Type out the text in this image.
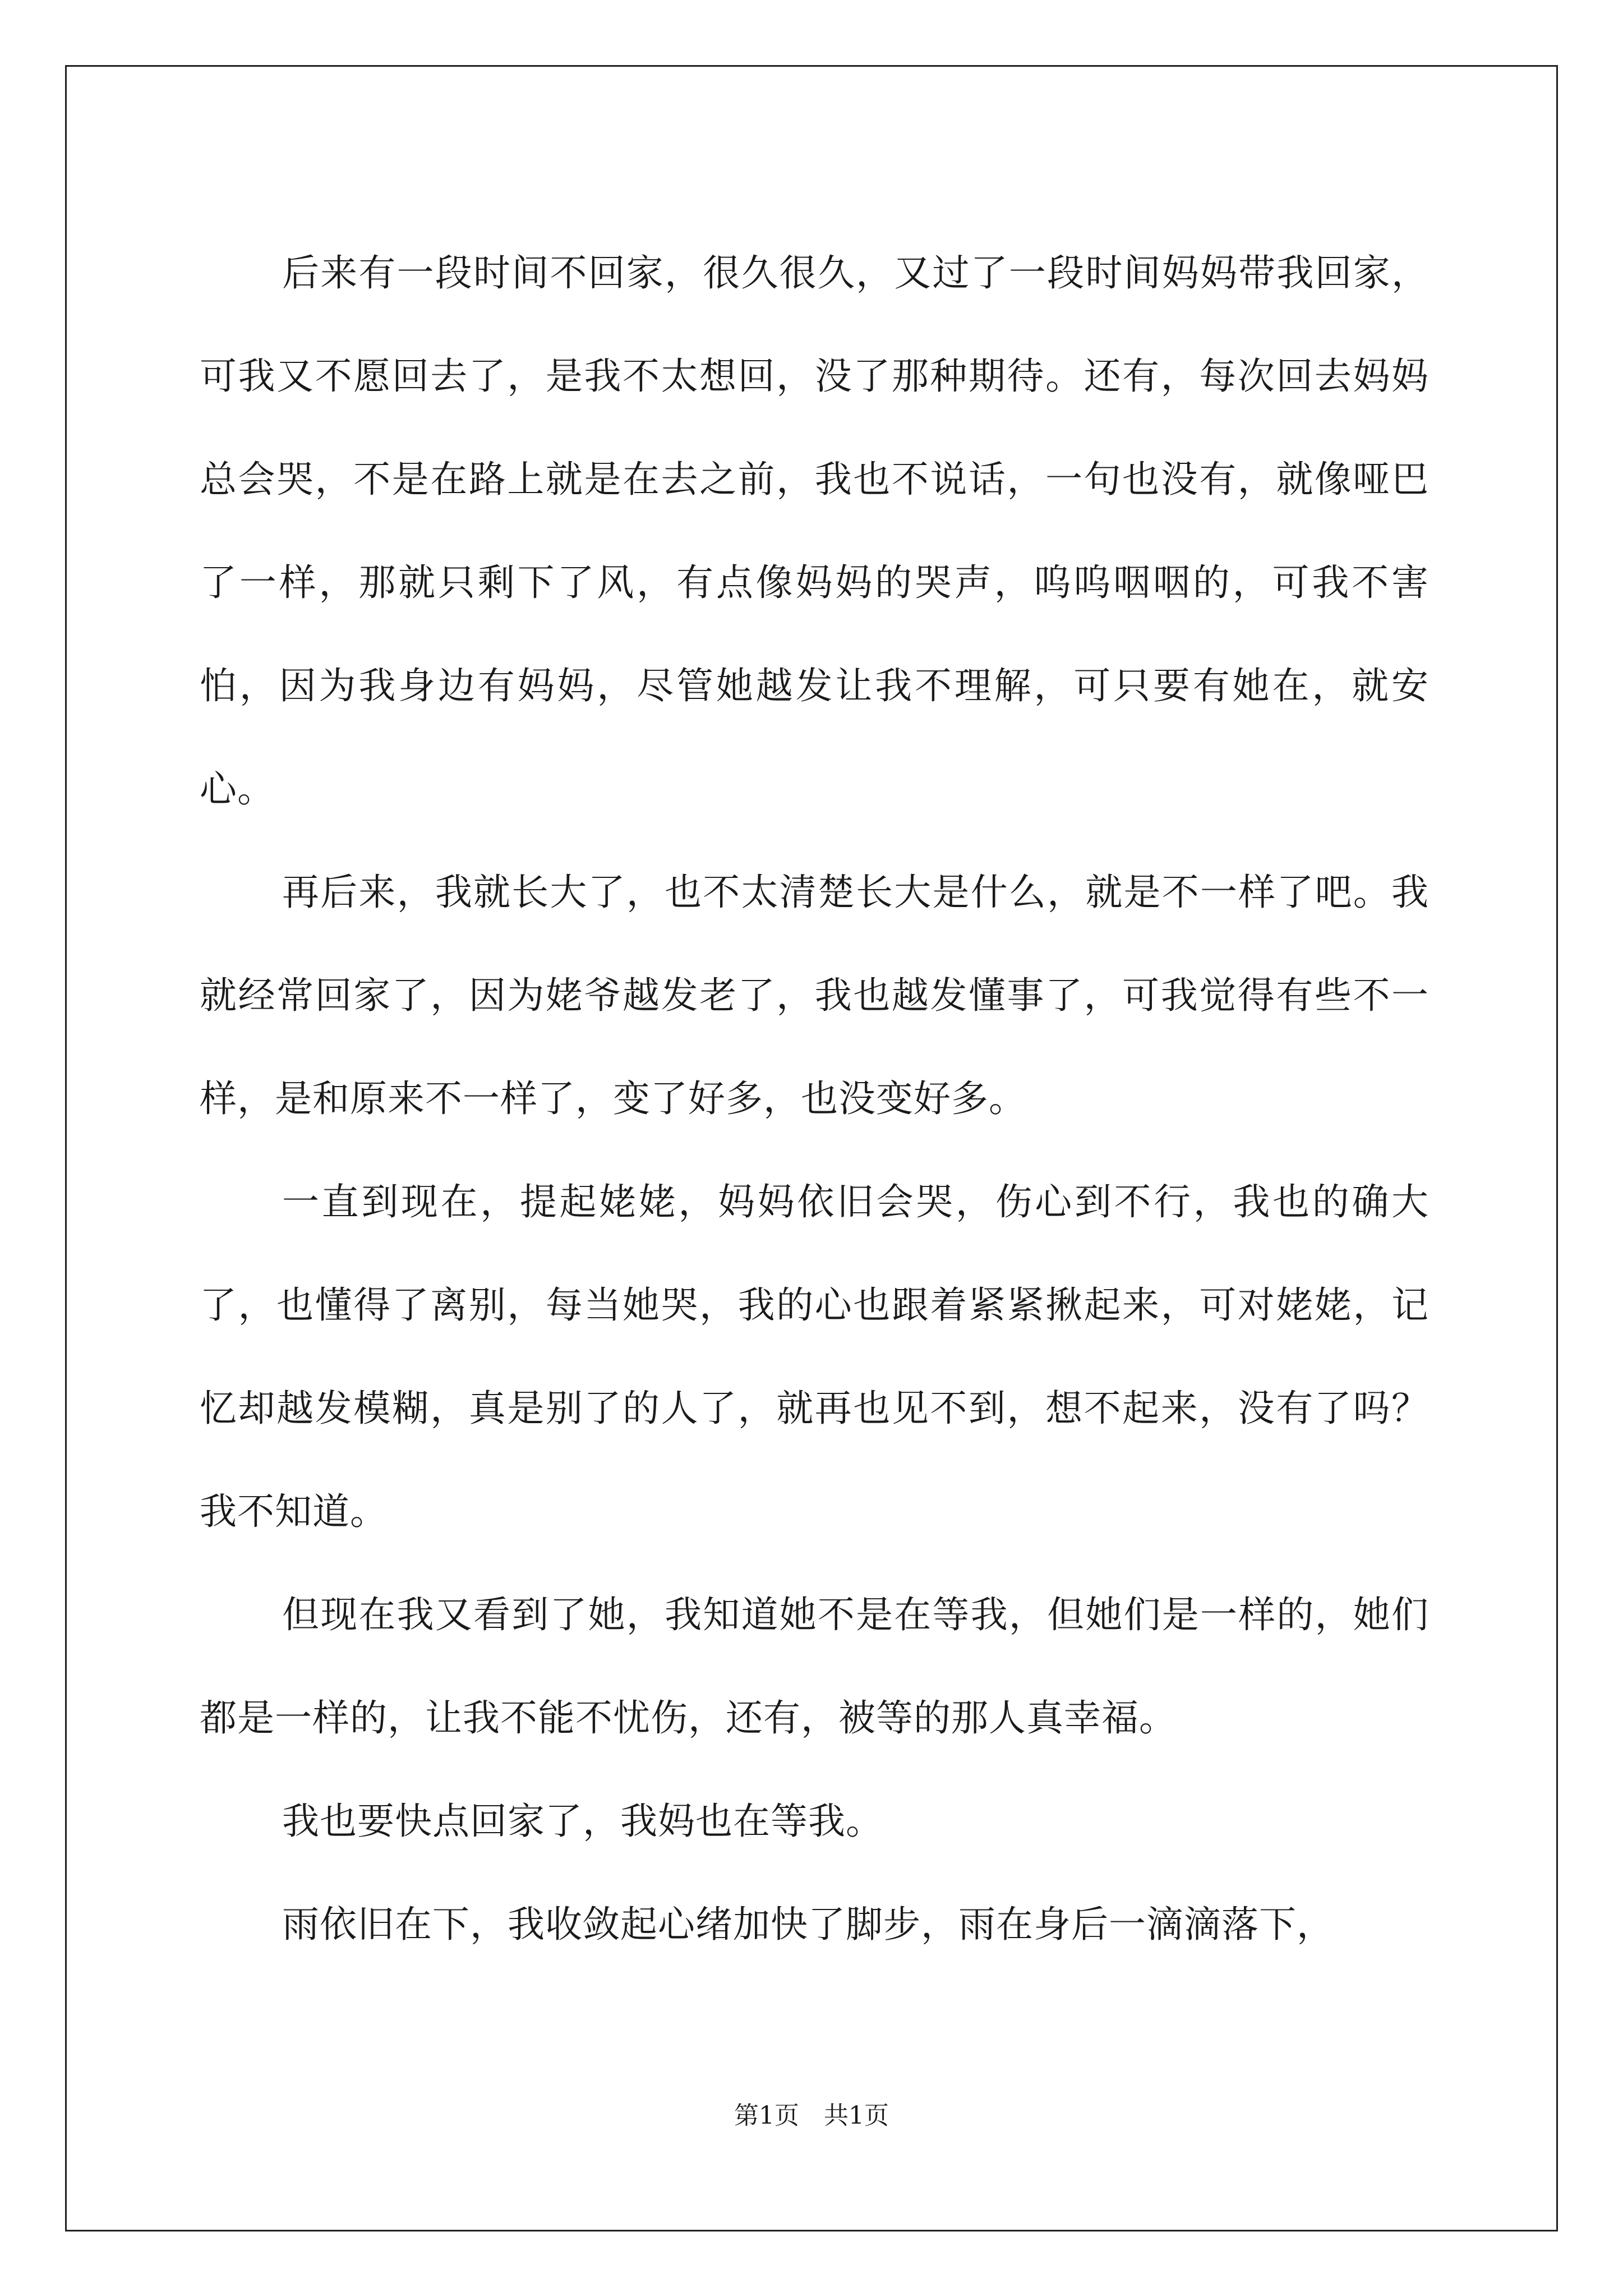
后来有一段时间不回家，很久很久，又过了一段时间妈妈带我回家，可我又不愿回去了，是我不太想回，没了那种期待。还有，每次回去妈妈总会哭，不是在路上就是在去之前，我也不说话，一句也没有，就像哑巴了一样，那就只剩下了风，有点像妈妈的哭声，呜呜咽咽的，可我不害怕，因为我身边有妈妈，尽管她越发让我不理解，可只要有她在，就安心。

再后来，我就长大了，也不太清楚长大是什么，就是不一样了吧。我就经常回家了，因为姥爷越发老了，我也越发懂事了，可我觉得有些不一样，是和原来不一样了，变了好多，也没变好多。

一直到现在，提起姥姥，妈妈依旧会哭，伤心到不行，我也的确大了，也懂得了离别，每当她哭，我的心也跟着紧紧揪起来，可对姥姥，记忆却越发模糊，真是别了的人了，就再也见不到，想不起来，没有了吗？我不知道。

但现在我又看到了她，我知道她不是在等我，但她们是一样的，她们都是一样的，让我不能不忧伤，还有，被等的那人真幸福。

我也要快点回家了，我妈也在等我。

雨依旧在下，我收敛起心绪加快了脚步，雨在身后一滴滴落下，

第1页　共1页
